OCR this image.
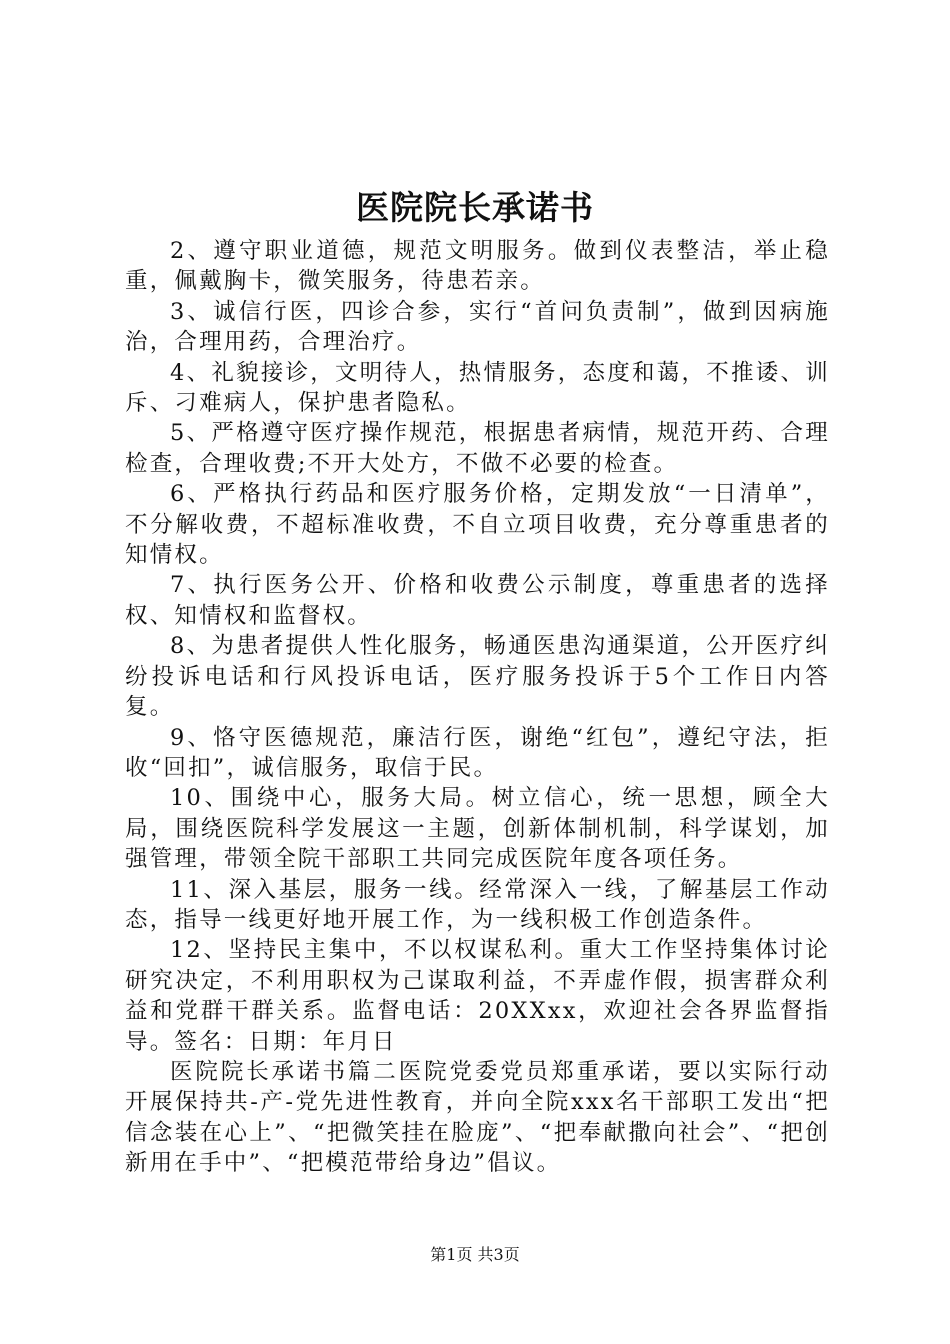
医院院长承诺书

2、遵守职业道德，规范文明服务。做到仪表整洁，举止稳重，佩戴胸卡，微笑服务，待患若亲。

3、诚信行医，四诊合参，实行“首问负责制”，做到因病施治，合理用药，合理治疗。

4、礼貌接诊，文明待人，热情服务，态度和蔼，不推诿、训斥、刁难病人，保护患者隐私。

5、严格遵守医疗操作规范，根据患者病情，规范开药、合理检查，合理收费;不开大处方，不做不必要的检查。

6、严格执行药品和医疗服务价格，定期发放“一日清单”，不分解收费，不超标准收费，不自立项目收费，充分尊重患者的知情权。

7、执行医务公开、价格和收费公示制度，尊重患者的选择权、知情权和监督权。

8、为患者提供人性化服务，畅通医患沟通渠道，公开医疗纠纷投诉电话和行风投诉电话，医疗服务投诉于5个工作日内答复。

9、恪守医德规范，廉洁行医，谢绝“红包”，遵纪守法，拒收“回扣”，诚信服务，取信于民。

10、围绕中心，服务大局。树立信心，统一思想，顾全大局，围绕医院科学发展这一主题，创新体制机制，科学谋划，加强管理，带领全院干部职工共同完成医院年度各项任务。

11、深入基层，服务一线。经常深入一线，了解基层工作动态，指导一线更好地开展工作，为一线积极工作创造条件。

12、坚持民主集中，不以权谋私利。重大工作坚持集体讨论研究决定，不利用职权为己谋取利益，不弄虚作假，损害群众利益和党群干群关系。监督电话：20XXxx，欢迎社会各界监督指导。签名：日期：年月日

医院院长承诺书篇二医院党委党员郑重承诺，要以实际行动开展保持共-产-党先进性教育，并向全院xxx名干部职工发出“把信念装在心上”、“把微笑挂在脸庞”、“把奉献撒向社会”、“把创新用在手中”、“把模范带给身边”倡议。

第1页 共3页
